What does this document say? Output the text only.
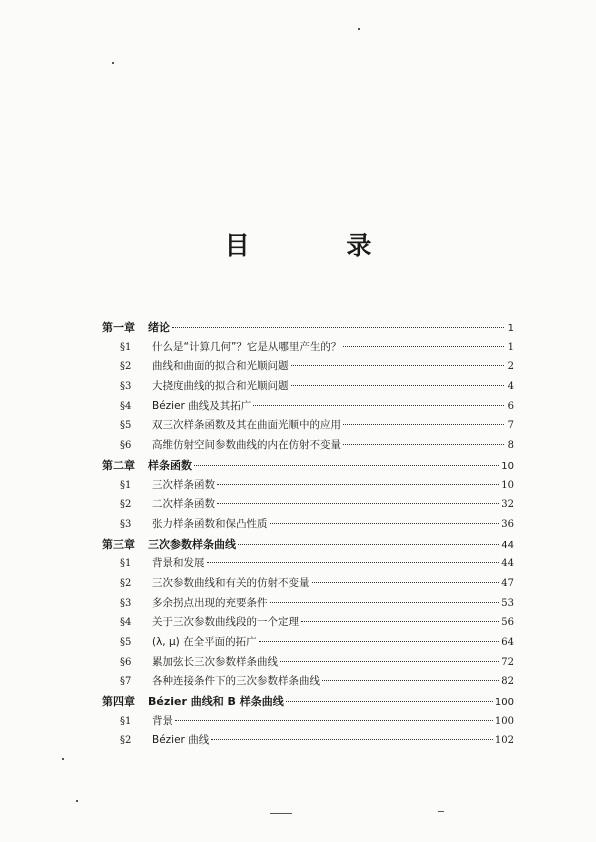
目 录
第一章	绪论	1
§1	什么是“计算几何”？它是从哪里产生的？	1
§2	曲线和曲面的拟合和光顺问题	2
§3	大挠度曲线的拟合和光顺问题	4
§4	Bézier 曲线及其拓广	6
§5	双三次样条函数及其在曲面光顺中的应用	7
§6	高维仿射空间参数曲线的内在仿射不变量	8
第二章	样条函数	10
§1	三次样条函数	10
§2	二次样条函数	32
§3	张力样条函数和保凸性质	36
第三章	三次参数样条曲线	44
§1	背景和发展	44
§2	三次参数曲线和有关的仿射不变量	47
§3	多余拐点出现的充要条件	53
§4	关于三次参数曲线段的一个定理	56
§5	(λ, μ) 在全平面的拓广	64
§6	累加弦长三次参数样条曲线	72
§7	各种连接条件下的三次参数样条曲线	82
第四章	Bézier 曲线和 B 样条曲线	100
§1	背景	100
§2	Bézier 曲线	102
